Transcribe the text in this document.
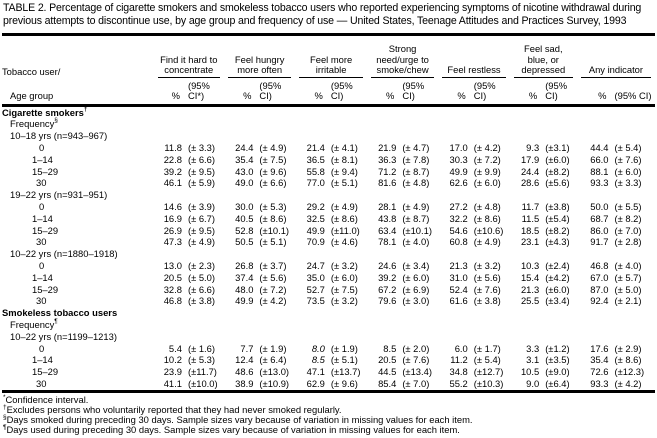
TABLE 2. Percentage of cigarette smokers and smokeless tobacco users who reported experiencing symptoms of nicotine withdrawal during previous attempts to discontinue use, by age group and frequency of use — United States, Teenage Attitudes and Practices Survey, 1993
Tobacco user/	Find it hard to concentrate		Feel hungry more often		Feel more irritable		Strong need/urge to smoke/chew		Feel restless		Feel sad, blue, or depressed		Any indicator	

Age group	%	(95% CI*)	%	(95% CI)	%	(95% CI)	%	(95% CI)	%	(95% CI)	%	(95% CI)	%	(95% CI)
Cigarette smokers†
Frequency§
10–18 yrs (n=943–967)														
0	11.8	(± 3.3)	24.4	(± 4.9)	21.4	(± 4.1)	21.9	(± 4.7)	17.0	(± 4.2)	9.3	(±3.1)	44.4	(± 5.4)
1–14	22.8	(± 6.6)	35.4	(± 7.5)	36.5	(± 8.1)	36.3	(± 7.8)	30.3	(± 7.2)	17.9	(±6.0)	66.0	(± 7.6)
15–29	39.2	(± 9.5)	43.0	(± 9.6)	55.8	(± 9.4)	71.2	(± 8.7)	49.9	(± 9.9)	24.4	(±8.2)	88.1	(± 6.0)
30	46.1	(± 5.9)	49.0	(± 6.6)	77.0	(± 5.1)	81.6	(± 4.8)	62.6	(± 6.0)	28.6	(±5.6)	93.3	(± 3.3)
19–22 yrs (n=931–951)														
0	14.6	(± 3.9)	30.0	(± 5.3)	29.2	(± 4.9)	28.1	(± 4.9)	27.2	(± 4.8)	11.7	(±3.8)	50.0	(± 5.5)
1–14	16.9	(± 6.7)	40.5	(± 8.6)	32.5	(± 8.6)	43.8	(± 8.7)	32.2	(± 8.6)	11.5	(±5.4)	68.7	(± 8.2)
15–29	26.9	(± 9.5)	52.8	(±10.1)	49.9	(±11.0)	63.4	(±10.1)	54.6	(±10.6)	18.5	(±8.2)	86.0	(± 7.0)
30	47.3	(± 4.9)	50.5	(± 5.1)	70.9	(± 4.6)	78.1	(± 4.0)	60.8	(± 4.9)	23.1	(±4.3)	91.7	(± 2.8)
10–22 yrs (n=1880–1918)														
0	13.0	(± 2.3)	26.8	(± 3.7)	24.7	(± 3.2)	24.6	(± 3.4)	21.3	(± 3.2)	10.3	(±2.4)	46.8	(± 4.0)
1–14	20.5	(± 5.0)	37.4	(± 5.6)	35.0	(± 6.0)	39.2	(± 6.0)	31.0	(± 5.6)	15.4	(±4.2)	67.0	(± 5.7)
15–29	32.8	(± 6.6)	48.0	(± 7.2)	52.7	(± 7.5)	67.2	(± 6.9)	52.4	(± 7.6)	21.3	(±6.0)	87.0	(± 5.0)
30	46.8	(± 3.8)	49.9	(± 4.2)	73.5	(± 3.2)	79.6	(± 3.0)	61.6	(± 3.8)	25.5	(±3.4)	92.4	(± 2.1)
Smokeless tobacco users														
Frequency¶
10–22 yrs (n=1199–1213)														
0	5.4	(± 1.6)	7.7	(± 1.9)	8.0	(± 1.9)	8.5	(± 2.0)	6.0	(± 1.7)	3.3	(±1.2)	17.6	(± 2.9)
1–14	10.2	(± 5.3)	12.4	(± 6.4)	8.5	(± 5.1)	20.5	(± 7.6)	11.2	(± 5.4)	3.1	(±3.5)	35.4	(± 8.6)
15–29	23.9	(±11.7)	48.6	(±13.0)	47.1	(±13.7)	44.5	(±13.4)	34.8	(±12.7)	10.5	(±9.0)	72.6	(±12.3)
30	41.1	(±10.0)	38.9	(±10.9)	62.9	(± 9.6)	85.4	(± 7.0)	55.2	(±10.3)	9.0	(±6.4)	93.3	(± 4.2)
*Confidence interval.
†Excludes persons who voluntarily reported that they had never smoked regularly.
§Days smoked during preceding 30 days. Sample sizes vary because of variation in missing values for each item.
¶Days used during preceding 30 days. Sample sizes vary because of variation in missing values for each item.
